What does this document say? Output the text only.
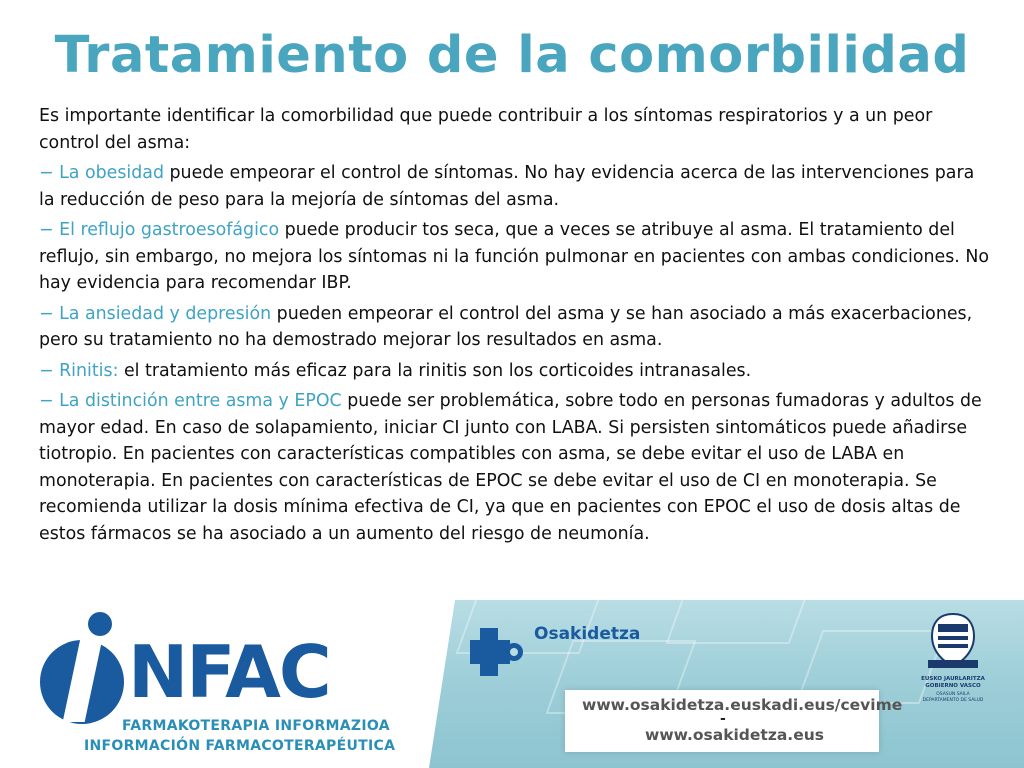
Tratamiento de la comorbilidad

Es importante identificar la comorbilidad que puede contribuir a los síntomas respiratorios y a un peor control del asma:

− La obesidad puede empeorar el control de síntomas. No hay evidencia acerca de las intervenciones para la reducción de peso para la mejoría de síntomas del asma.

− El reflujo gastroesofágico puede producir tos seca, que a veces se atribuye al asma. El tratamiento del reflujo, sin embargo, no mejora los síntomas ni la función pulmonar en pacientes con ambas condiciones. No hay evidencia para recomendar IBP.

− La ansiedad y depresión pueden empeorar el control del asma y se han asociado a más exacerbaciones, pero su tratamiento no ha demostrado mejorar los resultados en asma.

− Rinitis: el tratamiento más eficaz para la rinitis son los corticoides intranasales.

− La distinción entre asma y EPOC puede ser problemática, sobre todo en personas fumadoras y adultos de mayor edad. En caso de solapamiento, iniciar CI junto con LABA. Si persisten sintomáticos puede añadirse tiotropio. En pacientes con características compatibles con asma, se debe evitar el uso de LABA en monoterapia. En pacientes con características de EPOC se debe evitar el uso de CI en monoterapia. Se recomienda utilizar la dosis mínima efectiva de CI, ya que en pacientes con EPOC el uso de dosis altas de estos fármacos se ha asociado a un aumento del riesgo de neumonía.

NFAC
FARMAKOTERAPIA INFORMAZIOA
INFORMACIÓN FARMACOTERAPÉUTICA
Osakidetza
www.osakidetza.euskadi.eus/cevime
-
www.osakidetza.eus
EUSKO JAURLARITZA
GOBIERNO VASCO
OSASUN SAILA
DEPARTAMENTO DE SALUD
